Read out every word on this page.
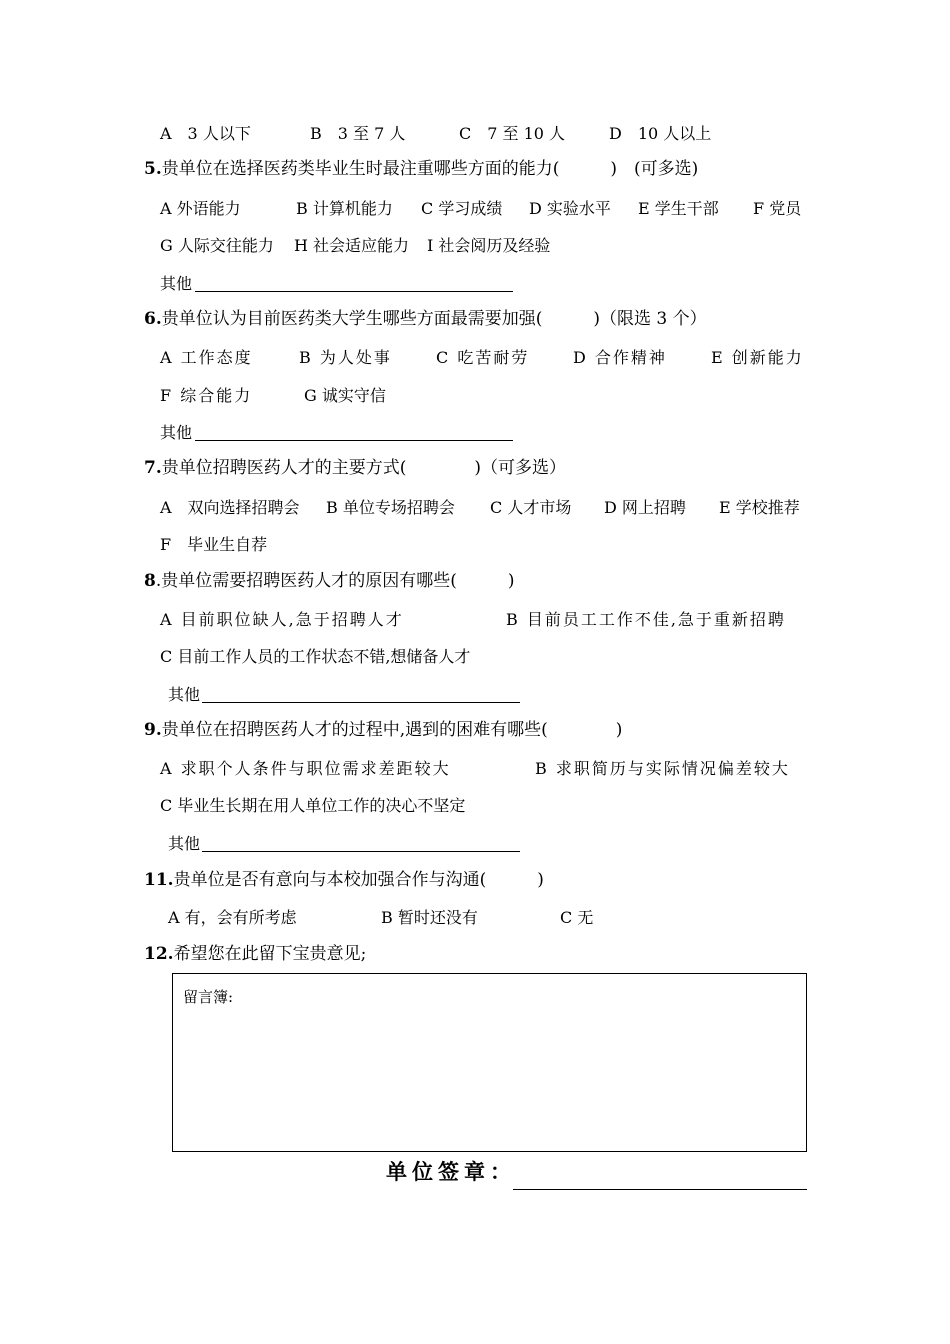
A　3 人以下	B　3 至 7 人	C　7 至 10 人	D　10 人以上
5.贵单位在选择医药类毕业生时最注重哪些方面的能力(　　　)　(可多选)
A 外语能力	B 计算机能力 C 学习成绩 D 实验水平 E 学生干部 F 党员
G 人际交往能力 H 社会适应能力 I 社会阅历及经验
其他
6.贵单位认为目前医药类大学生哪些方面最需要加强(　　　)（限选 3 个）
A 工作态度	B 为人处事	C 吃苦耐劳	D 合作精神	E 创新能力
F 综合能力	G 诚实守信
其他
7.贵单位招聘医药人才的主要方式(　　　　)（可多选）
A　双向选择招聘会 B 单位专场招聘会 C 人才市场 D 网上招聘 E 学校推荐
F　毕业生自荐
8.贵单位需要招聘医药人才的原因有哪些(　　　)
A 目前职位缺人,急于招聘人才	B 目前员工工作不佳,急于重新招聘
C 目前工作人员的工作状态不错,想储备人才
其他
9.贵单位在招聘医药人才的过程中,遇到的困难有哪些(　　　　)
A 求职个人条件与职位需求差距较大	B 求职简历与实际情况偏差较大
C 毕业生长期在用人单位工作的决心不坚定
其他
11.贵单位是否有意向与本校加强合作与沟通(　　　)
A 有，会有所考虑	B 暂时还没有	C 无
12.希望您在此留下宝贵意见;
留言簿:
单位签章：
